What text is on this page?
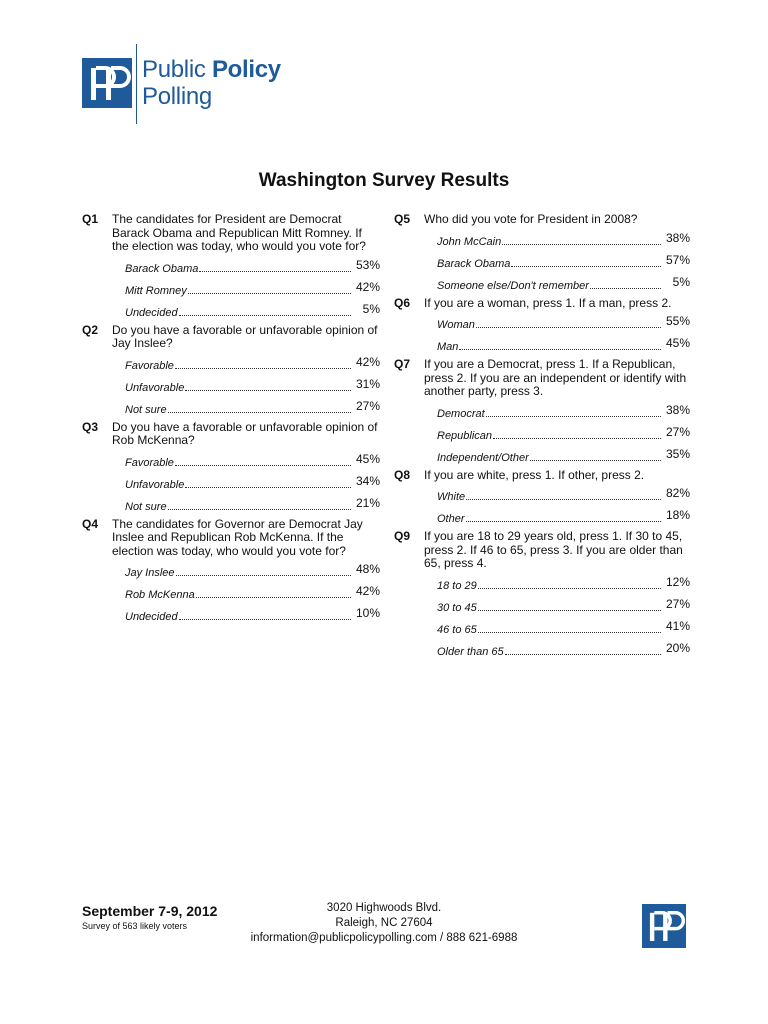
Public Policy
Polling
Washington Survey Results
Q1	The candidates for President are Democrat Barack Obama and Republican Mitt Romney. If the election was today, who would you vote for?
Barack Obama	53%
Mitt Romney	42%
Undecided	5%
Q2	Do you have a favorable or unfavorable opinion of Jay Inslee?
Favorable	42%
Unfavorable	31%
Not sure	27%
Q3	Do you have a favorable or unfavorable opinion of Rob McKenna?
Favorable	45%
Unfavorable	34%
Not sure	21%
Q4	The candidates for Governor are Democrat Jay Inslee and Republican Rob McKenna. If the election was today, who would you vote for?
Jay Inslee	48%
Rob McKenna	42%
Undecided	10%
Q5	Who did you vote for President in 2008?
John McCain	38%
Barack Obama	57%
Someone else/Don't remember	5%
Q6	If you are a woman, press 1. If a man, press 2.
Woman	55%
Man	45%
Q7	If you are a Democrat, press 1. If a Republican, press 2. If you are an independent or identify with another party, press 3.
Democrat	38%
Republican	27%
Independent/Other	35%
Q8	If you are white, press 1. If other, press 2.
White	82%
Other	18%
Q9	If you are 18 to 29 years old, press 1. If 30 to 45, press 2. If 46 to 65, press 3. If you are older than 65, press 4.
18 to 29	12%
30 to 45	27%
46 to 65	41%
Older than 65	20%
September 7-9, 2012
Survey of 563 likely voters
3020 Highwoods Blvd.
Raleigh, NC 27604
information@publicpolicypolling.com / 888 621-6988
